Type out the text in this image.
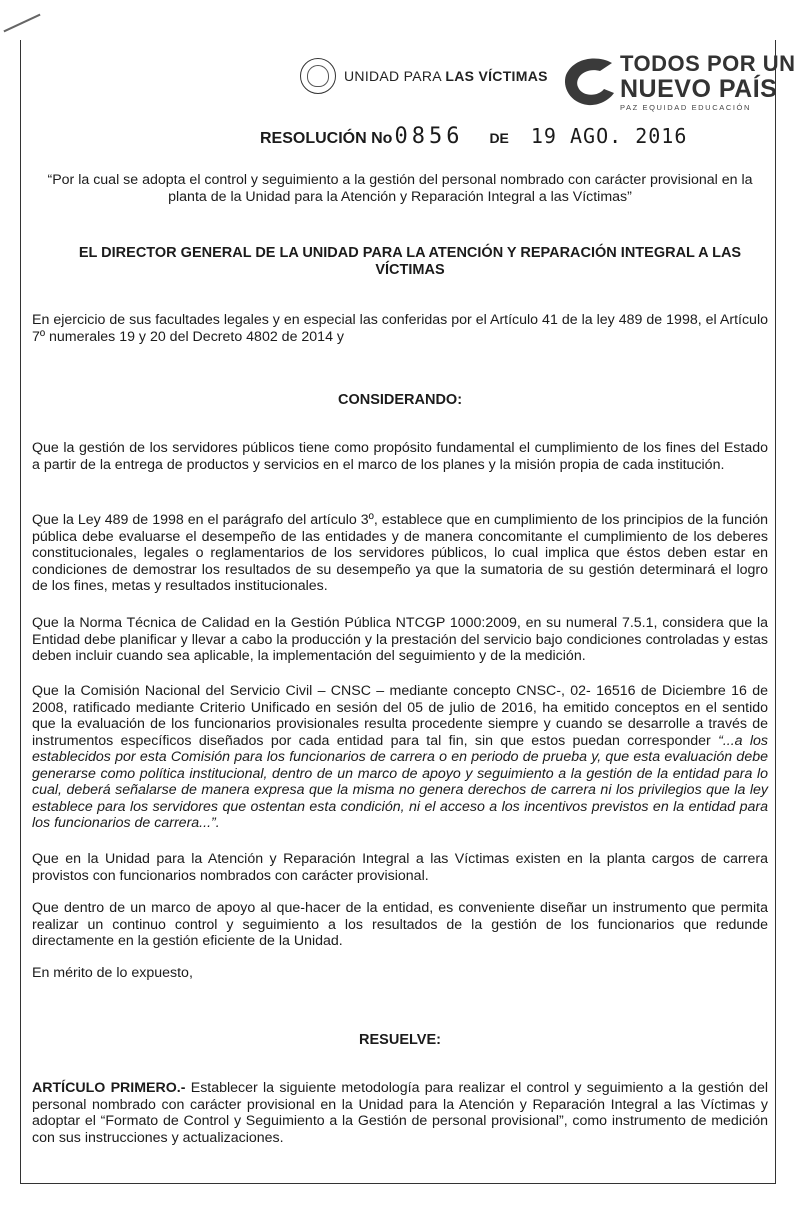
UNIDAD PARA LAS VÍCTIMAS	TODOS POR UN
NUEVO PAÍS
PAZ EQUIDAD EDUCACIÓN
RESOLUCIÓN No 0856 DE 19 AGO. 2016
“Por la cual se adopta el control y seguimiento a la gestión del personal nombrado con carácter provisional en la planta de la Unidad para la Atención y Reparación Integral a las Víctimas”
EL DIRECTOR GENERAL DE LA UNIDAD PARA LA ATENCIÓN Y REPARACIÓN INTEGRAL A LAS VÍCTIMAS
En ejercicio de sus facultades legales y en especial las conferidas por el Artículo 41 de la ley 489 de 1998, el Artículo 7º numerales 19 y 20 del Decreto 4802 de 2014 y
CONSIDERANDO:
Que la gestión de los servidores públicos tiene como propósito fundamental el cumplimiento de los fines del Estado a partir de la entrega de productos y servicios en el marco de los planes y la misión propia de cada institución.
Que la Ley 489 de 1998 en el parágrafo del artículo 3º, establece que en cumplimiento de los principios de la función pública debe evaluarse el desempeño de las entidades y de manera concomitante el cumplimiento de los deberes constitucionales, legales o reglamentarios de los servidores públicos, lo cual implica que éstos deben estar en condiciones de demostrar los resultados de su desempeño ya que la sumatoria de su gestión determinará el logro de los fines, metas y resultados institucionales.
Que la Norma Técnica de Calidad en la Gestión Pública NTCGP 1000:2009, en su numeral 7.5.1, considera que la Entidad debe planificar y llevar a cabo la producción y la prestación del servicio bajo condiciones controladas y estas deben incluir cuando sea aplicable, la implementación del seguimiento y de la medición.
Que la Comisión Nacional del Servicio Civil – CNSC – mediante concepto CNSC-, 02- 16516 de Diciembre 16 de 2008, ratificado mediante Criterio Unificado en sesión del 05 de julio de 2016, ha emitido conceptos en el sentido que la evaluación de los funcionarios provisionales resulta procedente siempre y cuando se desarrolle a través de instrumentos específicos diseñados por cada entidad para tal fin, sin que estos puedan corresponder “...a los establecidos por esta Comisión para los funcionarios de carrera o en periodo de prueba y, que esta evaluación debe generarse como política institucional, dentro de un marco de apoyo y seguimiento a la gestión de la entidad para lo cual, deberá señalarse de manera expresa que la misma no genera derechos de carrera ni los privilegios que la ley establece para los servidores que ostentan esta condición, ni el acceso a los incentivos previstos en la entidad para los funcionarios de carrera...”.
Que en la Unidad para la Atención y Reparación Integral a las Víctimas existen en la planta cargos de carrera provistos con funcionarios nombrados con carácter provisional.
Que dentro de un marco de apoyo al que-hacer de la entidad, es conveniente diseñar un instrumento que permita realizar un continuo control y seguimiento a los resultados de la gestión de los funcionarios que redunde directamente en la gestión eficiente de la Unidad.
En mérito de lo expuesto,
RESUELVE:
ARTÍCULO PRIMERO.- Establecer la siguiente metodología para realizar el control y seguimiento a la gestión del personal nombrado con carácter provisional en la Unidad para la Atención y Reparación Integral a las Víctimas y adoptar el “Formato de Control y Seguimiento a la Gestión de personal provisional”, como instrumento de medición con sus instrucciones y actualizaciones.
